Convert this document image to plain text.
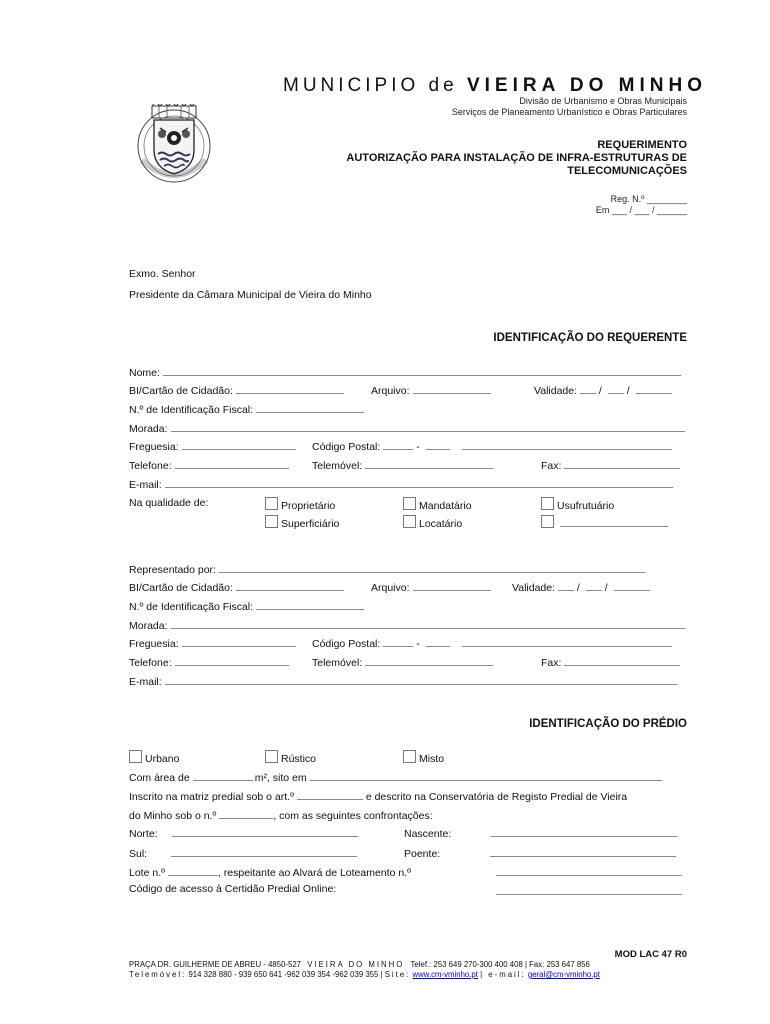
MUNICIPIO de VIEIRA DO MINHO
Divisão de Urbanismo e Obras Municipais
Serviços de Planeamento Urbanístico e Obras Particulares
REQUERIMENTO
AUTORIZAÇÃO PARA INSTALAÇÃO DE INFRA-ESTRUTURAS DE
TELECOMUNICAÇÕES
Reg. N.º ________
Em ___ / ___ / ______
Exmo. Senhor
Presidente da Câmara Municipal de Vieira do Minho
IDENTIFICAÇÃO DO REQUERENTE
Nome:
BI/Cartão de Cidadão:	Arquivo:	Validade: /  /
N.º de Identificação Fiscal:
Morada:
Freguesia:	Código Postal:	-
Telefone:	Telemóvel:	Fax:
E-mail:
Na qualidade de:	Proprietário	Mandatário	Usufrutuário
Superficiário	Locatário
Representado por:
BI/Cartão de Cidadão:	Arquivo:	Validade: /  /
N.º de Identificação Fiscal:
Morada:
Freguesia:	Código Postal:	-
Telefone:	Telemóvel:	Fax:
E-mail:
IDENTIFICAÇÃO DO PRÉDIO
Urbano	Rústico	Misto
Com área de	m², sito em
Inscrito na matriz predial sob o art.º	e descrito na Conservatória de Registo Predial de Vieira
do Minho sob o n.º	, com as seguintes confrontações:
Norte:	Nascente:
Sul:	Poente:
Lote n.º	, respeitante ao Alvará de Loteamento n.º
Código de acesso à Certidão Predial Online:
MOD LAC 47 R0
PRAÇA DR. GUILHERME DE ABREU - 4850-527 VIEIRA DO MINHO Telef.: 253 649 270-300 400 408 | Fax: 253 647 856
Telemóvel: 914 328 880 - 939 650 641 -962 039 354 -962 039 355 | Site: www.cm-vminho.pt | e-mail: geral@cm-vminho.pt
